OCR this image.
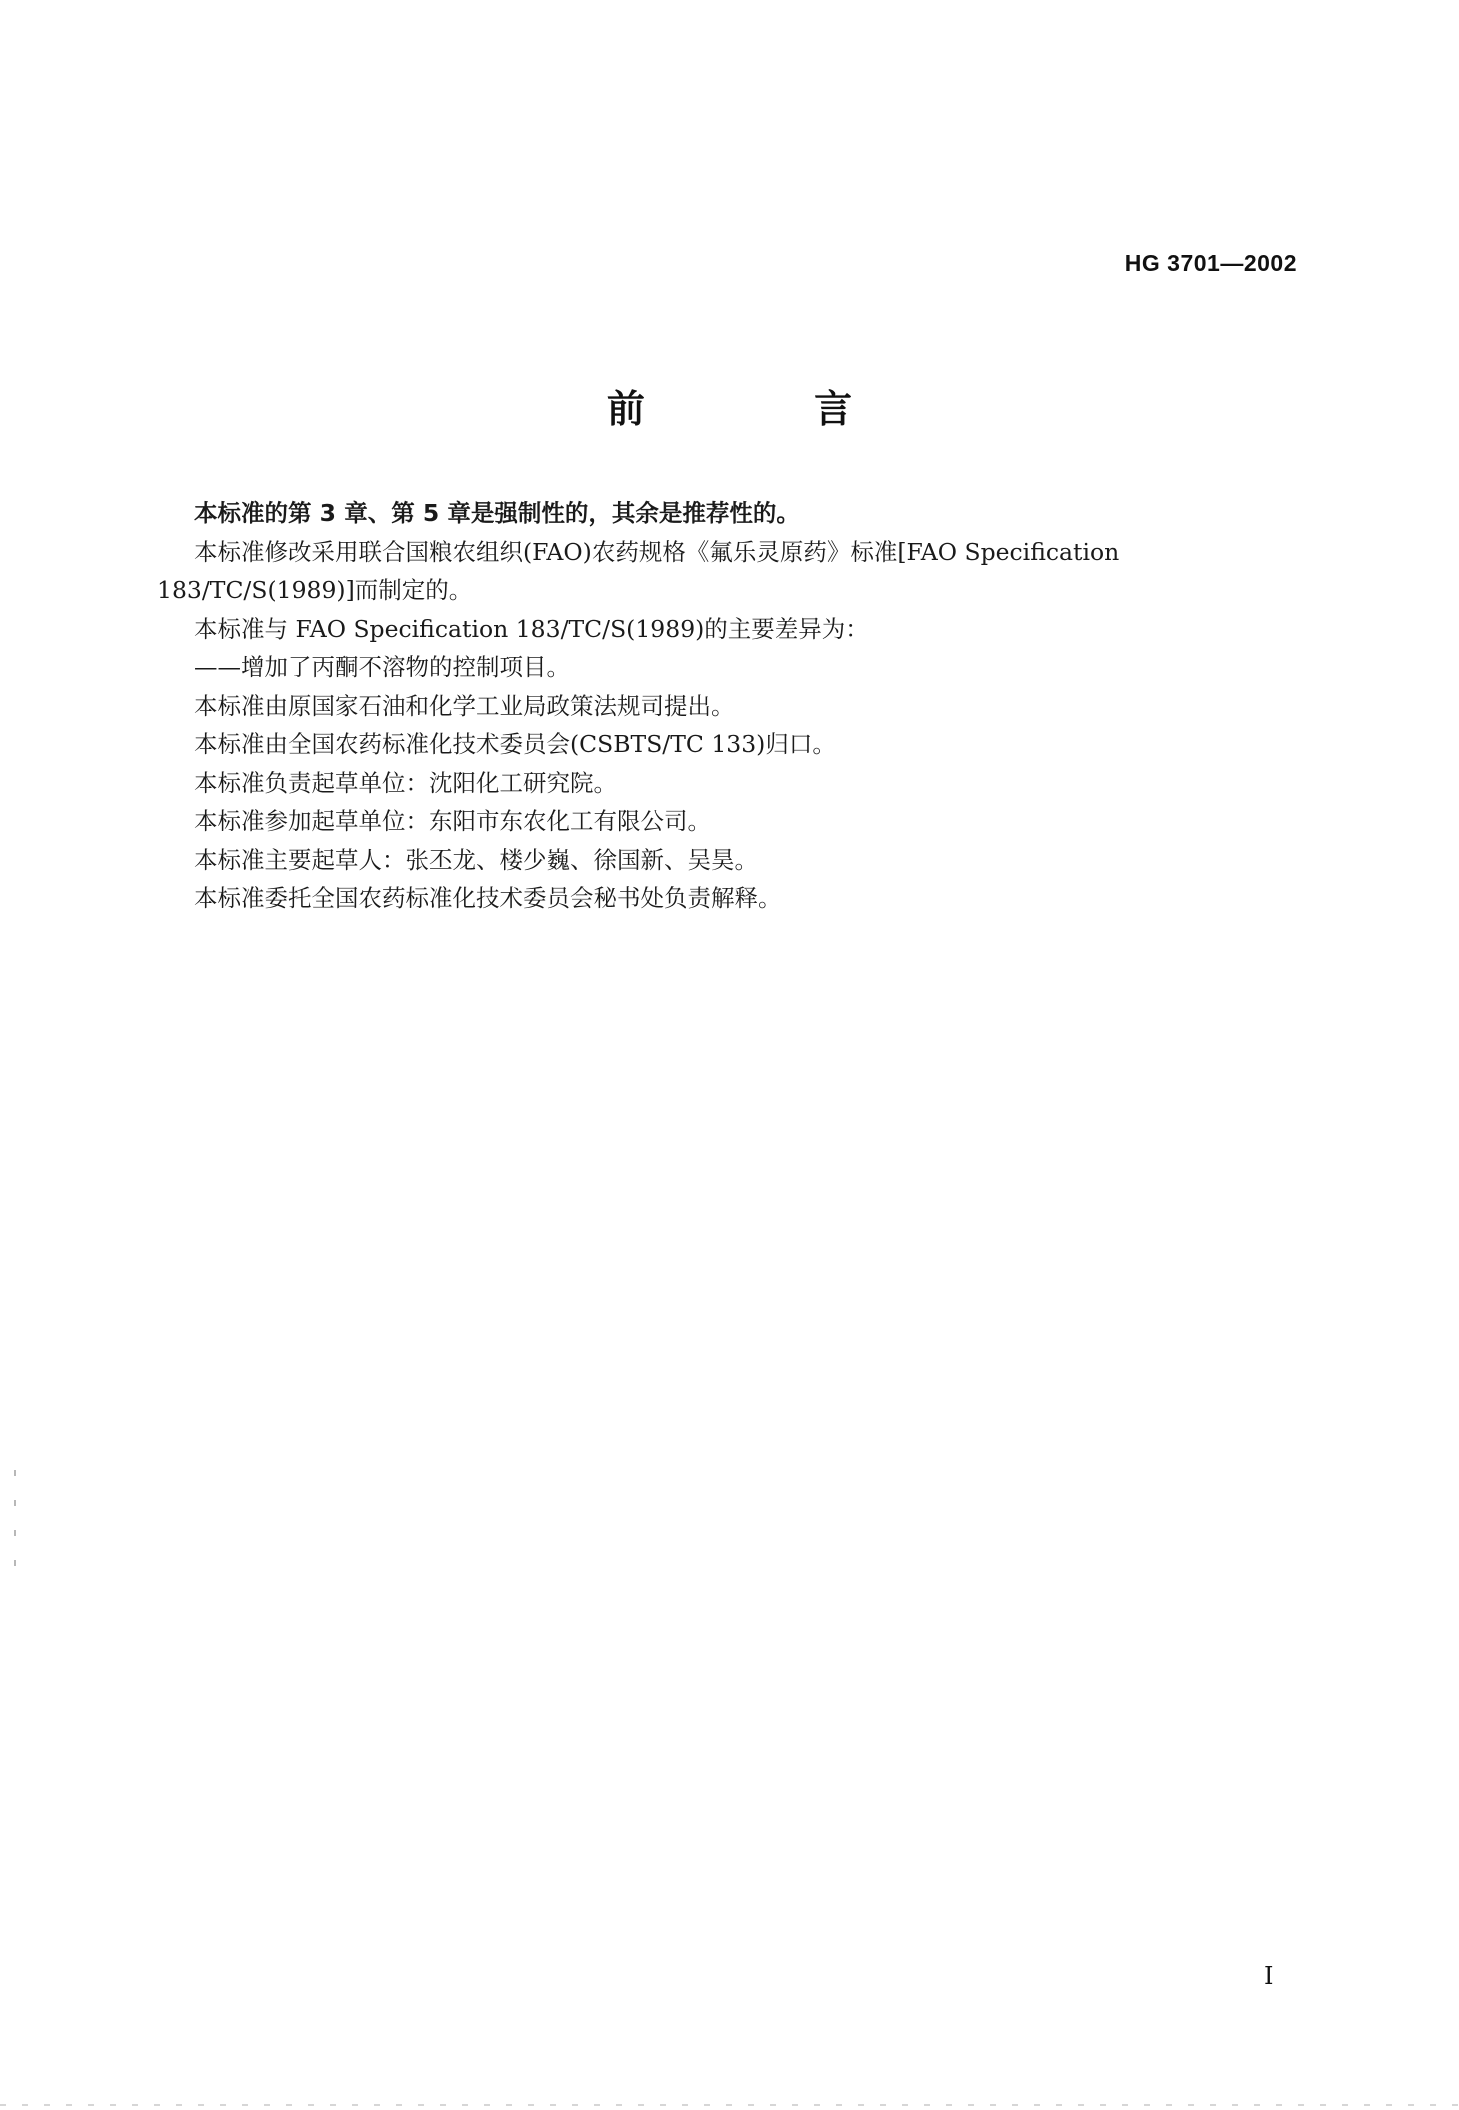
HG 3701—2002
前 言

本标准的第 3 章、第 5 章是强制性的，其余是推荐性的。

本标准修改采用联合国粮农组织(FAO)农药规格《氟乐灵原药》标准[FAO Specification 183/TC/S(1989)]而制定的。

本标准与 FAO Specification 183/TC/S(1989)的主要差异为：

——增加了丙酮不溶物的控制项目。

本标准由原国家石油和化学工业局政策法规司提出。

本标准由全国农药标准化技术委员会(CSBTS/TC 133)归口。

本标准负责起草单位：沈阳化工研究院。

本标准参加起草单位：东阳市东农化工有限公司。

本标准主要起草人：张丕龙、楼少巍、徐国新、吴昊。

本标准委托全国农药标准化技术委员会秘书处负责解释。

I
